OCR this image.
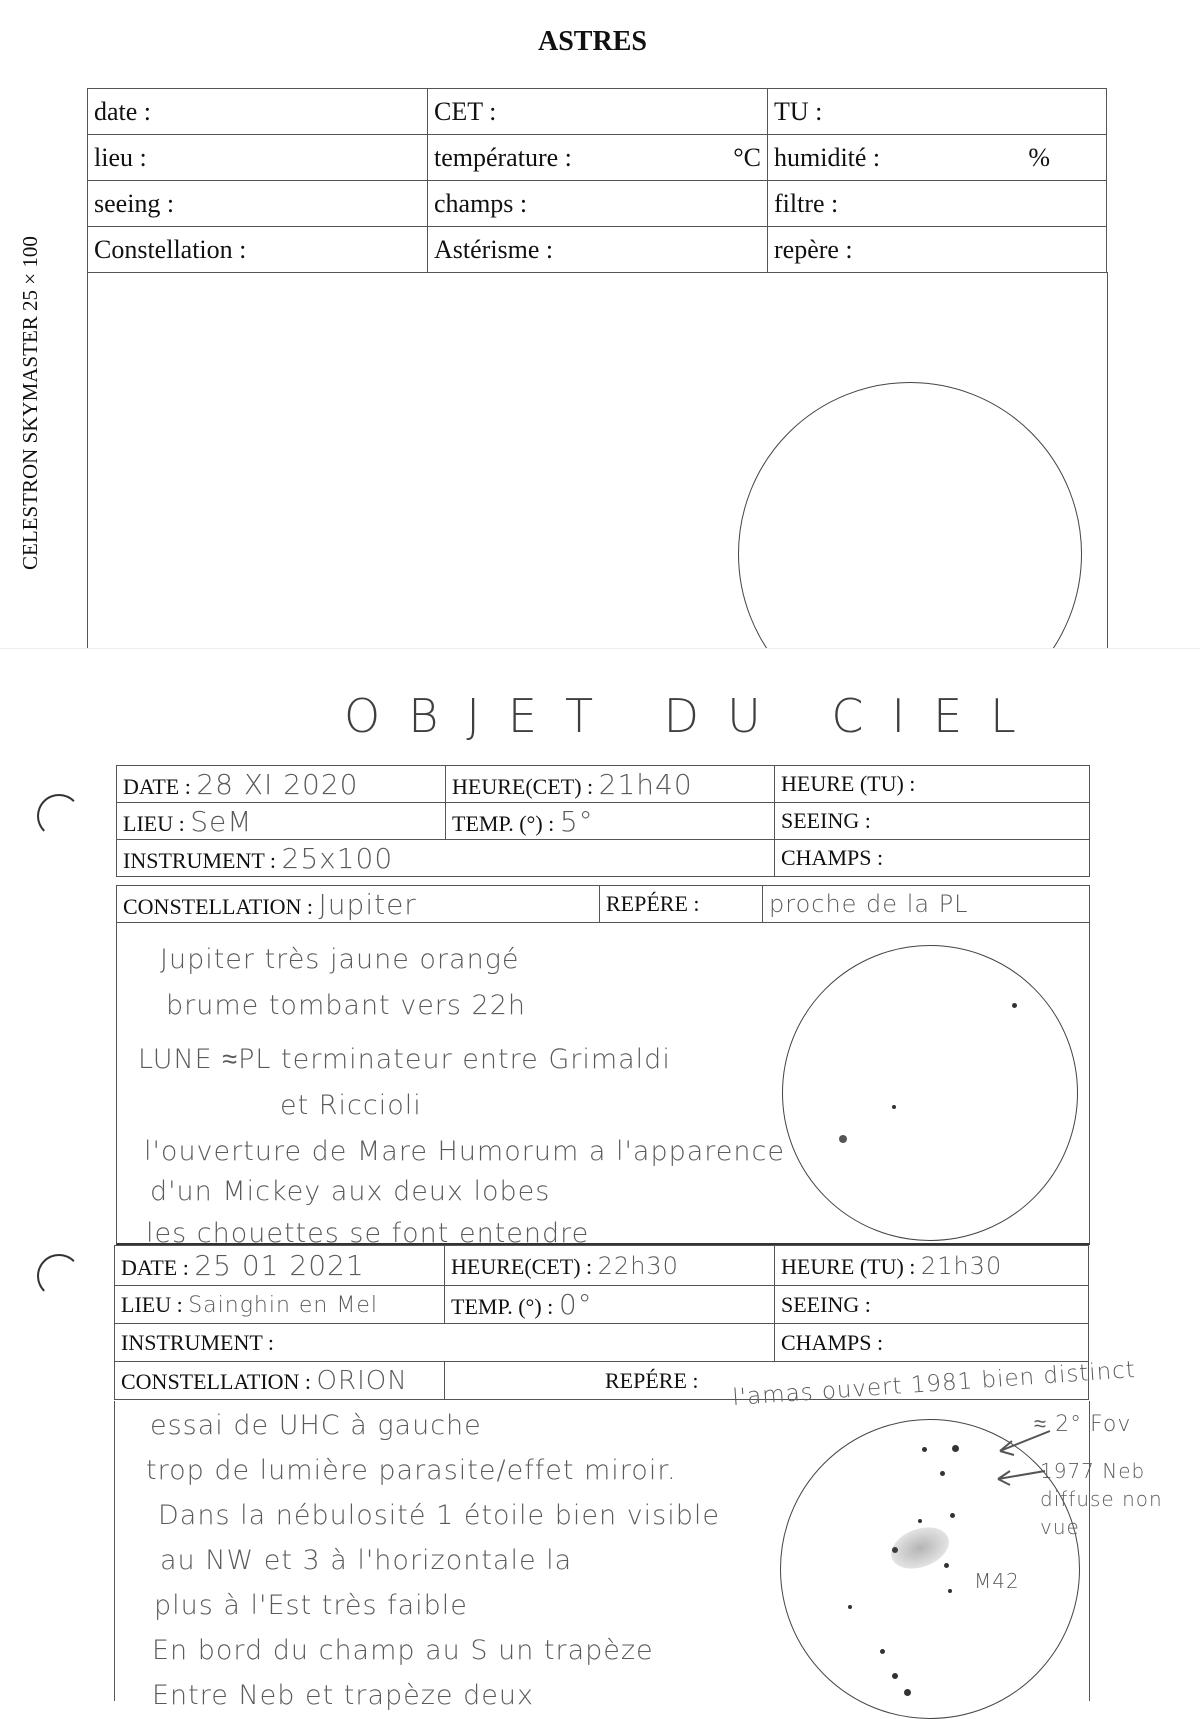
ASTRES
CELESTRON SKYMASTER 25 × 100
date :	CET :	TU :
lieu :	température : °C	humidité : %

seeing :	champs :	filtre :
Constellation :	Astérisme :	repère :
OBJET DU CIEL
DATE : 28 XI 2020	HEURE(CET) : 21h40	HEURE (TU) :
LIEU : SeM	TEMP. (°) : 5°	SEEING :
INSTRUMENT : 25x100		CHAMPS :
CONSTELLATION : Jupiter	REPÉRE :	proche de la PL
Jupiter très jaune orangé
brume tombant vers 22h
LUNE ≈PL terminateur entre Grimaldi
et Riccioli
l'ouverture de Mare Humorum a l'apparence
d'un Mickey aux deux lobes
les chouettes se font entendre
DATE : 25 01 2021	HEURE(CET) : 22h30	HEURE (TU) : 21h30
LIEU : Sainghin en Mel	TEMP. (°) : 0°	SEEING :
INSTRUMENT :		CHAMPS :
CONSTELLATION : ORION	REPÉRE :	l'amas ouvert 1981 bien distinct
essai de UHC à gauche
trop de lumière parasite/effet miroir.
Dans la nébulosité 1 étoile bien visible
au NW et 3 à l'horizontale la
plus à l'Est très faible
En bord du champ au S un trapèze
Entre Neb et trapèze deux
≈ 2° Fov
1977 Neb diffuse non vue
M42
